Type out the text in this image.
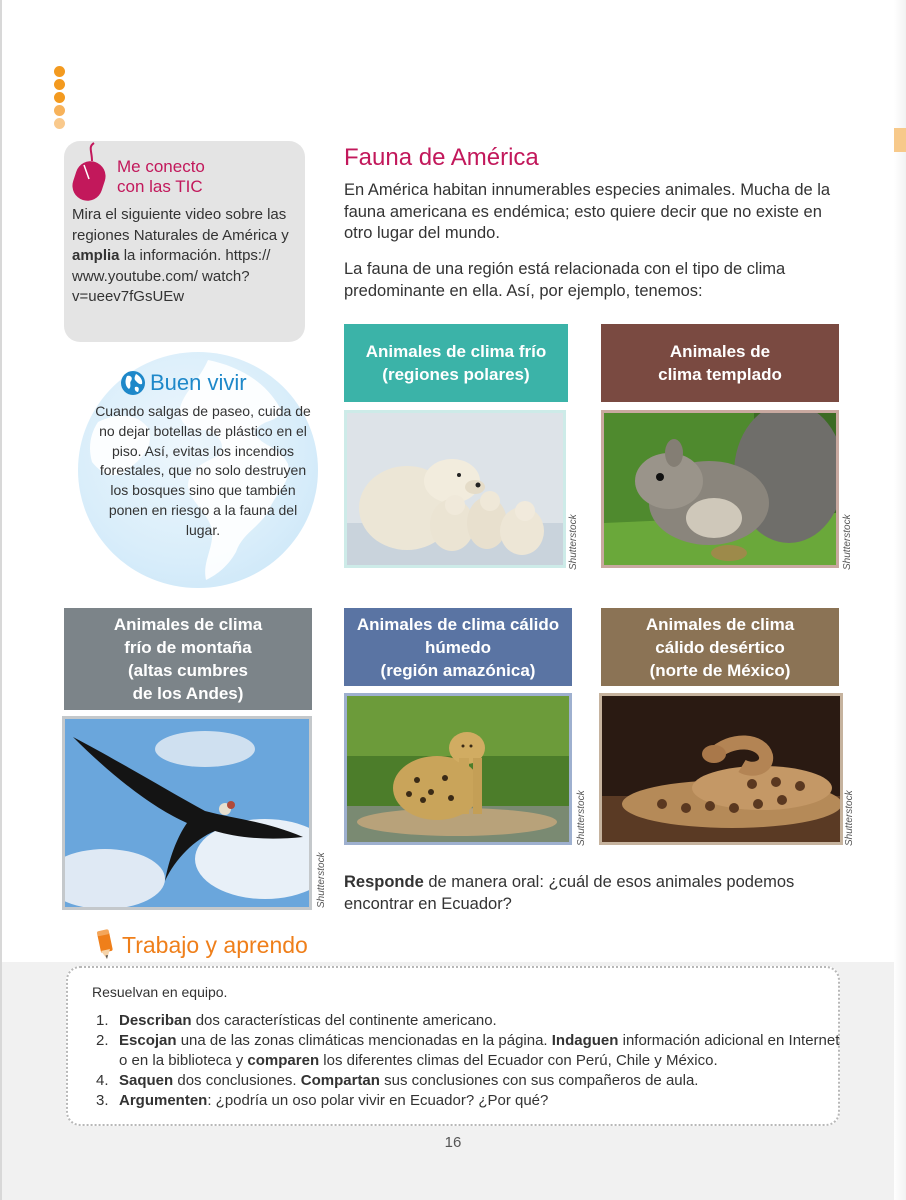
Me conecto
con las TIC
Mira el siguiente video sobre las regiones Naturales de América y amplia la información. https:// www.youtube.com/ watch?v=ueev7fGsUEw
Buen vivir
Cuando salgas de paseo, cuida de no dejar botellas de plástico en el piso. Así, evitas los incendios forestales, que no solo destruyen los bosques sino que también ponen en riesgo a la fauna del lugar.
Fauna de América
En América habitan innumerables especies animales. Mucha de la fauna americana es endémica; esto quiere decir que no existe en otro lugar del mundo.
La fauna de una región está relacionada con el tipo de clima predominante en ella. Así, por ejemplo, tenemos:
Animales de clima frío
(regiones polares)
Shutterstock
Animales de
clima templado
Shutterstock
Animales de clima
frío de montaña
(altas cumbres
de los Andes)
Shutterstock
Animales de clima cálido
húmedo
(región amazónica)
Shutterstock
Animales de clima
cálido desértico
(norte de México)
Shutterstock
Responde de manera oral: ¿cuál de esos animales podemos encontrar en Ecuador?
Trabajo y aprendo
Resuelvan en equipo.
1. Describan dos características del continente americano.
2. Escojan una de las zonas climáticas mencionadas en la página. Indaguen información adicional en Internet o en la biblioteca y comparen los diferentes climas del Ecuador con Perú, Chile y México.
4. Saquen dos conclusiones. Compartan sus conclusiones con sus compañeros de aula.
3. Argumenten: ¿podría un oso polar vivir en Ecuador? ¿Por qué?
16
